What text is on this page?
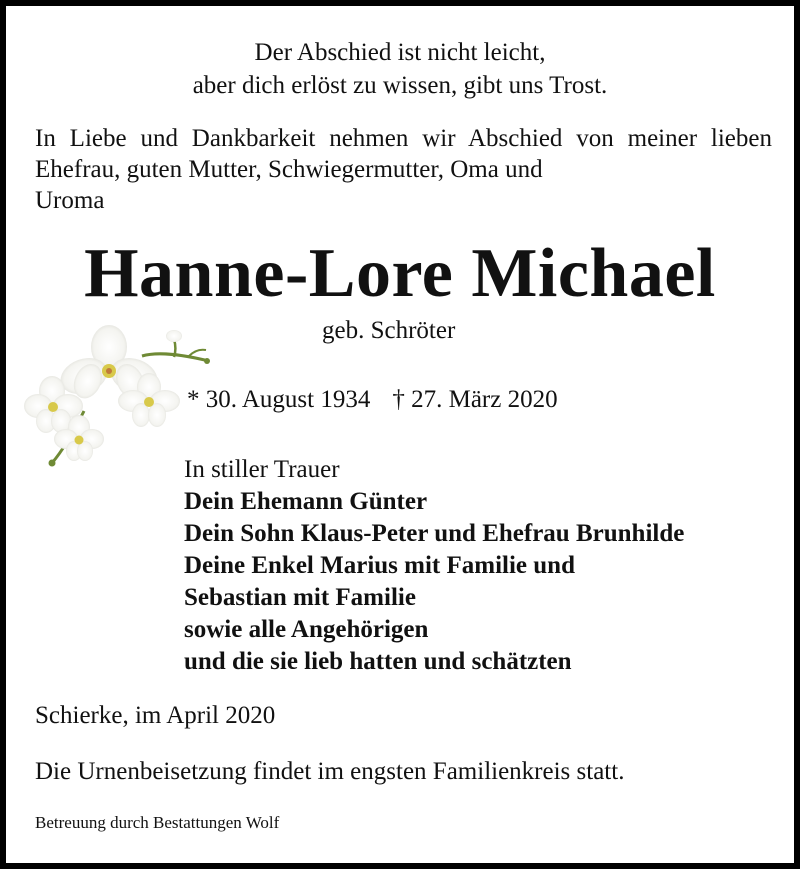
Der Abschied ist nicht leicht,
aber dich erlöst zu wissen, gibt uns Trost.
In Liebe und Dankbarkeit nehmen wir Abschied von meiner lieben Ehefrau, guten Mutter, Schwiegermutter, Oma und
Uroma
Hanne-Lore Michael
geb. Schröter
* 30. August 1934 † 27. März 2020
In stiller Trauer
Dein Ehemann Günter
Dein Sohn Klaus-Peter und Ehefrau Brunhilde
Deine Enkel Marius mit Familie und
Sebastian mit Familie
sowie alle Angehörigen
und die sie lieb hatten und schätzten
Schierke, im April 2020
Die Urnenbeisetzung findet im engsten Familienkreis statt.
Betreuung durch Bestattungen Wolf
